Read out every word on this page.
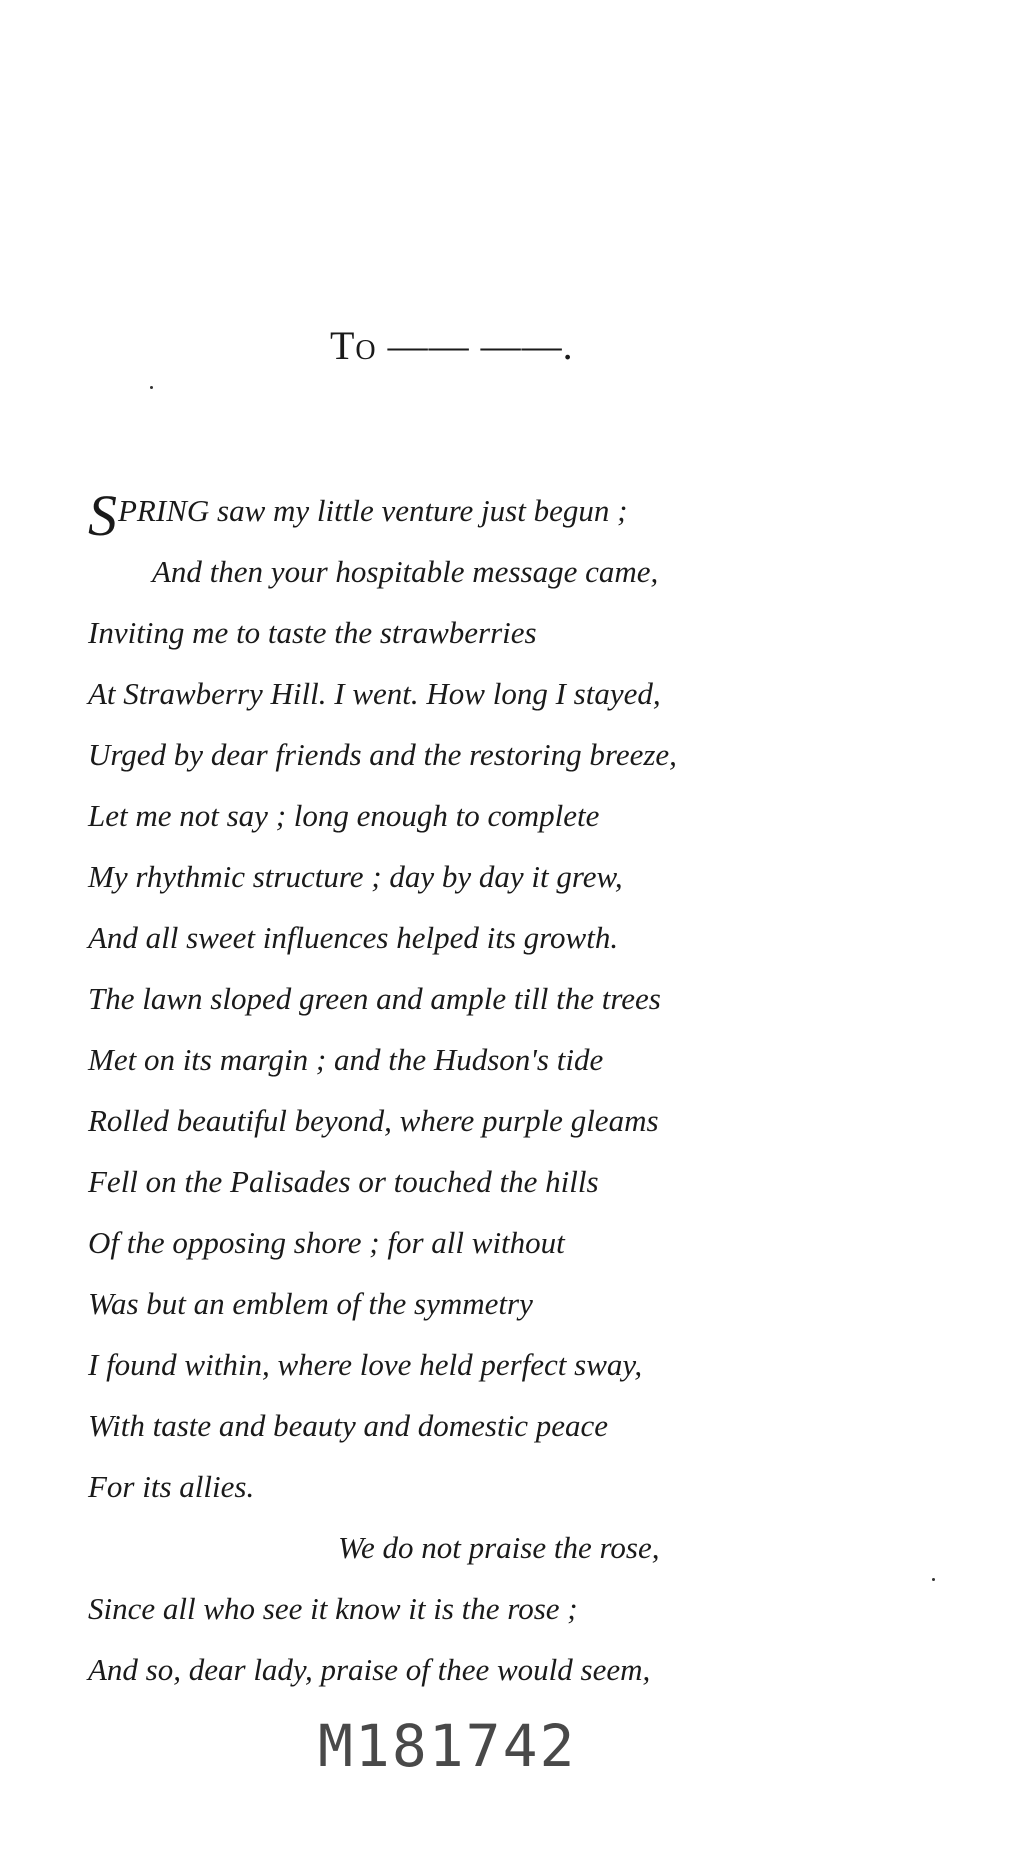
To —— ——.
SPRING saw my little venture just begun ;
And then your hospitable message came,
Inviting me to taste the strawberries
At Strawberry Hill. I went. How long I stayed,
Urged by dear friends and the restoring breeze,
Let me not say ; long enough to complete
My rhythmic structure ; day by day it grew,
And all sweet influences helped its growth.
The lawn sloped green and ample till the trees
Met on its margin ; and the Hudson's tide
Rolled beautiful beyond, where purple gleams
Fell on the Palisades or touched the hills
Of the opposing shore ; for all without
Was but an emblem of the symmetry
I found within, where love held perfect sway,
With taste and beauty and domestic peace
For its allies.
We do not praise the rose,
Since all who see it know it is the rose ;
And so, dear lady, praise of thee would seem,
M181742
